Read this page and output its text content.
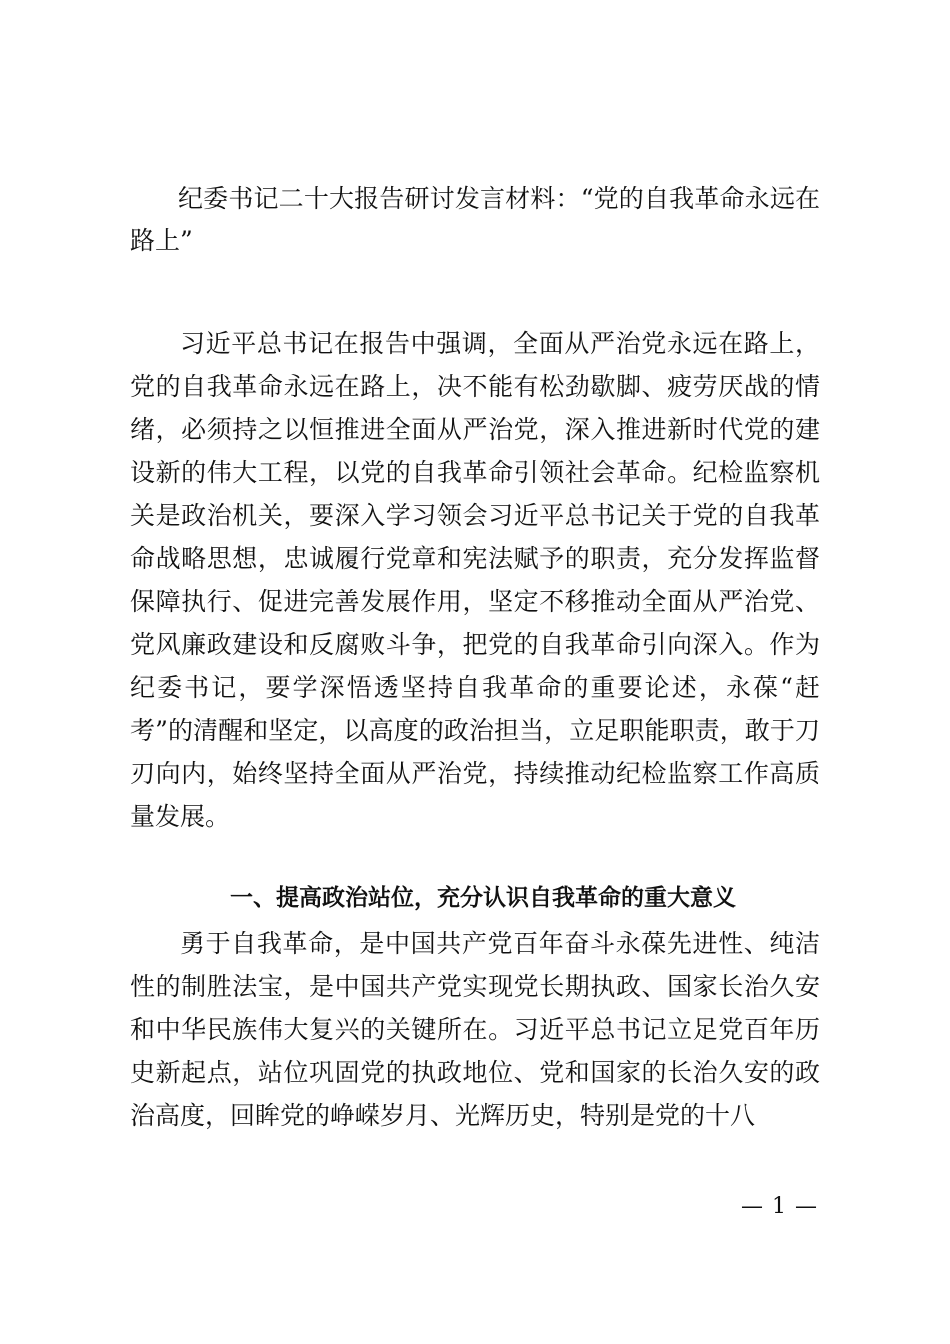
纪委书记二十大报告研讨发言材料：“党的自我革命永远在路上”

习近平总书记在报告中强调，全面从严治党永远在路上，党的自我革命永远在路上，决不能有松劲歇脚、疲劳厌战的情绪，必须持之以恒推进全面从严治党，深入推进新时代党的建设新的伟大工程，以党的自我革命引领社会革命。纪检监察机关是政治机关，要深入学习领会习近平总书记关于党的自我革命战略思想，忠诚履行党章和宪法赋予的职责，充分发挥监督保障执行、促进完善发展作用，坚定不移推动全面从严治党、党风廉政建设和反腐败斗争，把党的自我革命引向深入。作为纪委书记，要学深悟透坚持自我革命的重要论述，永葆“赶考”的清醒和坚定，以高度的政治担当，立足职能职责，敢于刀刃向内，始终坚持全面从严治党，持续推动纪检监察工作高质量发展。

一、提高政治站位，充分认识自我革命的重大意义

勇于自我革命，是中国共产党百年奋斗永葆先进性、纯洁性的制胜法宝，是中国共产党实现党长期执政、国家长治久安和中华民族伟大复兴的关键所在。习近平总书记立足党百年历史新起点，站位巩固党的执政地位、党和国家的长治久安的政治高度，回眸党的峥嵘岁月、光辉历史，特别是党的十八

— 1 —
